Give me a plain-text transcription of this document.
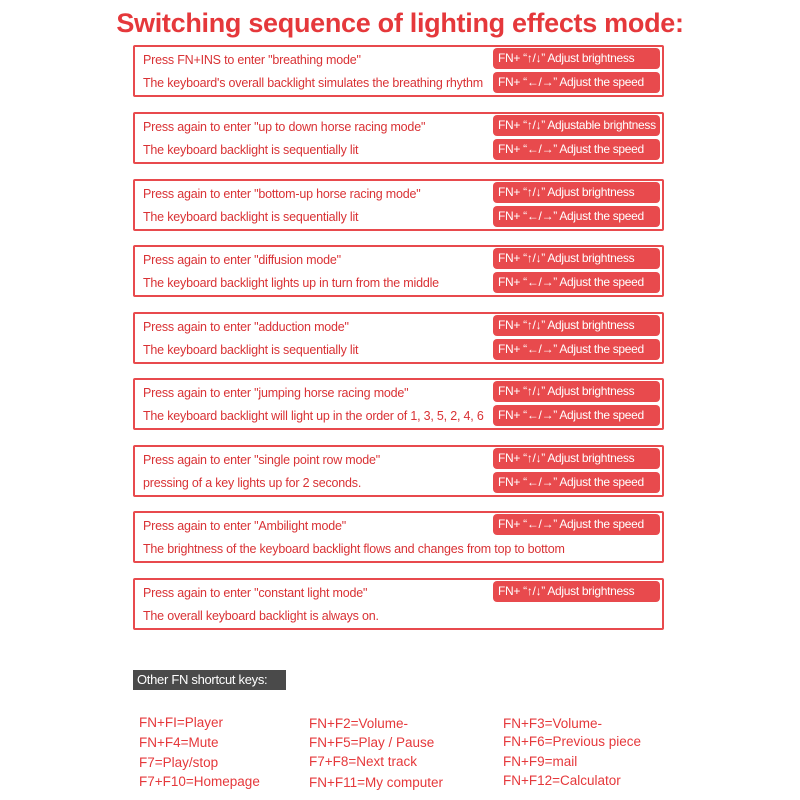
Switching sequence of lighting effects mode:
Press FN+INS to enter "breathing mode"
The keyboard's overall backlight simulates the breathing rhythm
FN+ “↑/↓” Adjust brightness
FN+ “←/→” Adjust the speed
Press again to enter "up to down horse racing mode"
The keyboard backlight is sequentially lit
FN+ “↑/↓” Adjustable brightness
FN+ “←/→” Adjust the speed
Press again to enter "bottom-up horse racing mode"
The keyboard backlight is sequentially lit
FN+ “↑/↓” Adjust brightness
FN+ “←/→” Adjust the speed
Press again to enter "diffusion mode"
The keyboard backlight lights up in turn from the middle
FN+ “↑/↓” Adjust brightness
FN+ “←/→” Adjust the speed
Press again to enter "adduction mode"
The keyboard backlight is sequentially lit
FN+ “↑/↓” Adjust brightness
FN+ “←/→” Adjust the speed
Press again to enter "jumping horse racing mode"
The keyboard backlight will light up in the order of 1, 3, 5, 2, 4, 6
FN+ “↑/↓” Adjust brightness
FN+ “←/→” Adjust the speed
Press again to enter "single point row mode"
pressing of a key lights up for 2 seconds.
FN+ “↑/↓” Adjust brightness
FN+ “←/→” Adjust the speed
Press again to enter "Ambilight mode"
The brightness of the keyboard backlight flows and changes from top to bottom
FN+ “←/→” Adjust the speed
Press again to enter "constant light mode"
The overall keyboard backlight is always on.
FN+ “↑/↓” Adjust brightness
Other FN shortcut keys:
FN+FI=Player	FN+F2=Volume-	FN+F3=Volume-
FN+F4=Mute	FN+F5=Play / Pause	FN+F6=Previous piece
F7=Play/stop	F7+F8=Next track	FN+F9=mail
F7+F10=Homepage	FN+F11=My computer	FN+F12=Calculator
